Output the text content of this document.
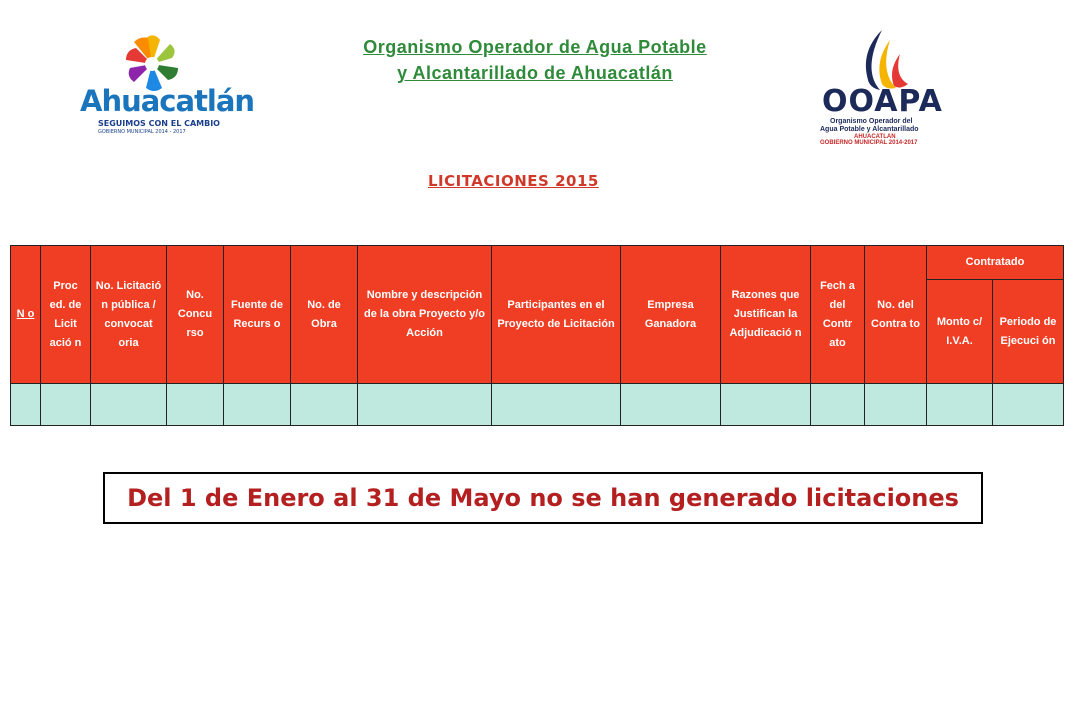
Ahuacatlán
SEGUIMOS CON EL CAMBIO
GOBIERNO MUNICIPAL 2014 - 2017
Organismo Operador de Agua Potable
y Alcantarillado de Ahuacatlán
OOAPA
Organismo Operador del
Agua Potable y Alcantarillado
AHUACATLAN
GOBIERNO MUNICIPAL 2014-2017
LICITACIONES 2015
N o	Proc ed. de Licit ació n	No. Licitació n pública / convocat oria	No. Concu rso	Fuente de Recurs o	No. de Obra	Nombre y descripción de la obra Proyecto y/o Acción	Participantes en el Proyecto de Licitación	Empresa Ganadora	Razones que Justifican la Adjudicació n	Fech a del Contr ato	No. del Contra to	Contratado	
												Monto c/ I.V.A.	Periodo de Ejecuci ón

Del 1 de Enero al 31 de Mayo no se han generado licitaciones
